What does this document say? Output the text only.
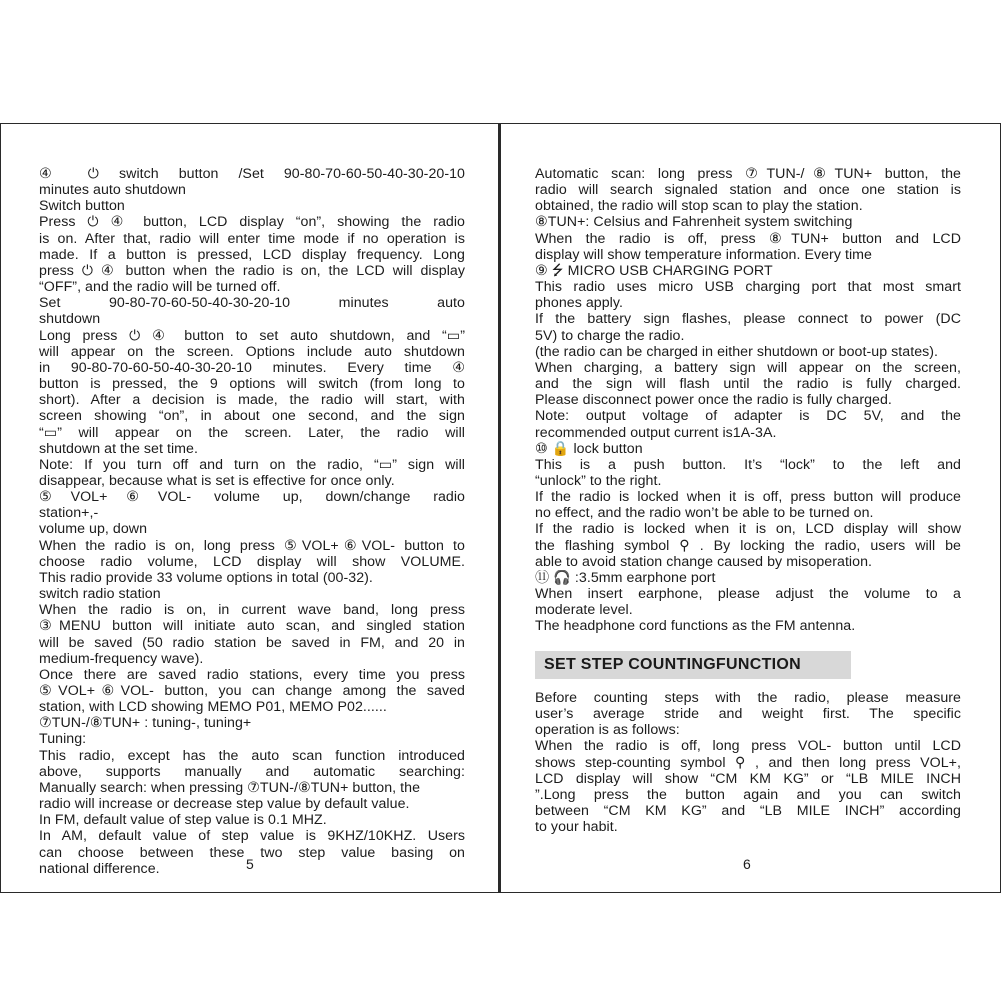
④ ⏻ switch button /Set 90-80-70-60-50-40-30-20-10
minutes auto shutdown
Switch button
Press ⏻ ④ button, LCD display “on”, showing the radio
is on. After that, radio will enter time mode if no operation is
made. If a button is pressed, LCD display frequency. Long
press ⏻ ④ button when the radio is on, the LCD will display
“OFF”, and the radio will be turned off.
Set 90-80-70-60-50-40-30-20-10 minutes auto
shutdown
Long press ⏻ ④ button to set auto shutdown, and “▭”
will appear on the screen. Options include auto shutdown
in 90-80-70-60-50-40-30-20-10 minutes. Every time ④
button is pressed, the 9 options will switch (from long to
short). After a decision is made, the radio will start, with
screen showing “on”, in about one second, and the sign
“▭” will appear on the screen. Later, the radio will
shutdown at the set time.
Note: If you turn off and turn on the radio, “▭” sign will
disappear, because what is set is effective for once only.
⑤VOL+⑥VOL- volume up, down/change radio
station+,-
volume up, down
When the radio is on, long press ⑤VOL+⑥VOL- button to
choose radio volume, LCD display will show VOLUME.
This radio provide 33 volume options in total (00-32).
switch radio station
When the radio is on, in current wave band, long press
③MENU button will initiate auto scan, and singled station
will be saved (50 radio station be saved in FM, and 20 in
medium-frequency wave).
Once there are saved radio stations, every time you press
⑤VOL+⑥VOL- button, you can change among the saved
station, with LCD showing MEMO P01, MEMO P02......
⑦TUN-/⑧TUN+ : tuning-, tuning+
Tuning:
This radio, except has the auto scan function introduced
above, supports manually and automatic searching:
Manually search: when pressing ⑦TUN-/⑧TUN+ button, the
radio will increase or decrease step value by default value.
In FM, default value of step value is 0.1 MHZ.
In AM, default value of step value is 9KHZ/10KHZ. Users
can choose between these two step value basing on
national difference.
Automatic scan: long press ⑦TUN-/⑧TUN+ button, the
radio will search signaled station and once one station is
obtained, the radio will stop scan to play the station.
⑧TUN+: Celsius and Fahrenheit system switching
When the radio is off, press ⑧TUN+ button and LCD
display will show temperature information. Every time
⑨ ⭍ MICRO USB CHARGING PORT
This radio uses micro USB charging port that most smart
phones apply.
If the battery sign flashes, please connect to power (DC
5V) to charge the radio.
(the radio can be charged in either shutdown or boot-up states).
When charging, a battery sign will appear on the screen,
and the sign will flash until the radio is fully charged.
Please disconnect power once the radio is fully charged.
Note: output voltage of adapter is DC 5V, and the
recommended output current is1A-3A.
⑩ 🔒 lock button
This is a push button. It’s “lock” to the left and
“unlock” to the right.
If the radio is locked when it is off, press button will produce
no effect, and the radio won’t be able to be turned on.
If the radio is locked when it is on, LCD display will show
the flashing symbol ⚲ . By locking the radio, users will be
able to avoid station change caused by misoperation.
⑪ 🎧 :3.5mm earphone port
When insert earphone, please adjust the volume to a
moderate level.
The headphone cord functions as the FM antenna.
SET STEP COUNTINGFUNCTION
Before counting steps with the radio, please measure
user’s average stride and weight first. The specific
operation is as follows:
When the radio is off, long press VOL- button until LCD
shows step-counting symbol ⚲ , and then long press VOL+,
LCD display will show “CM KM KG” or “LB MILE INCH
”.Long press the button again and you can switch
between “CM KM KG” and “LB MILE INCH” according
to your habit.
5	6
